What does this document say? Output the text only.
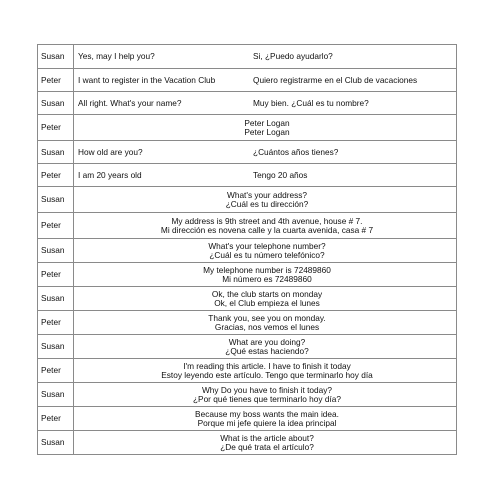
Susan	Yes, may I help you?	Si, ¿Puedo ayudarlo?
Peter	I want to register in the Vacation Club	Quiero registrarme en el Club de vacaciones
Susan	All right. What's your name?	Muy bien. ¿Cuál es tu nombre?
Peter	Peter Logan
Peter Logan
Susan	How old are you?	¿Cuántos años tienes?
Peter	I am 20 years old	Tengo 20 años
Susan	What's your address?
¿Cuál es tu dirección?
Peter	My address is 9th street and 4th avenue, house # 7.
Mi dirección es novena calle y la cuarta avenida, casa # 7
Susan	What's your telephone number?
¿Cuál es tu número telefónico?
Peter	My telephone number is 72489860
Mi número es 72489860
Susan	Ok, the club starts on monday
Ok, el Club empieza el lunes
Peter	Thank you, see you on monday.
Gracias, nos vemos el lunes
Susan	What are you doing?
¿Qué estas haciendo?
Peter	I'm reading this article. I have to finish it today
Estoy leyendo este artículo. Tengo que terminarlo hoy día
Susan	Why Do you have to finish it today?
¿Por qué tienes que terminarlo hoy día?
Peter	Because my boss wants the main idea.
Porque mi jefe quiere la idea principal
Susan	What is the article about?
¿De qué trata el artículo?
